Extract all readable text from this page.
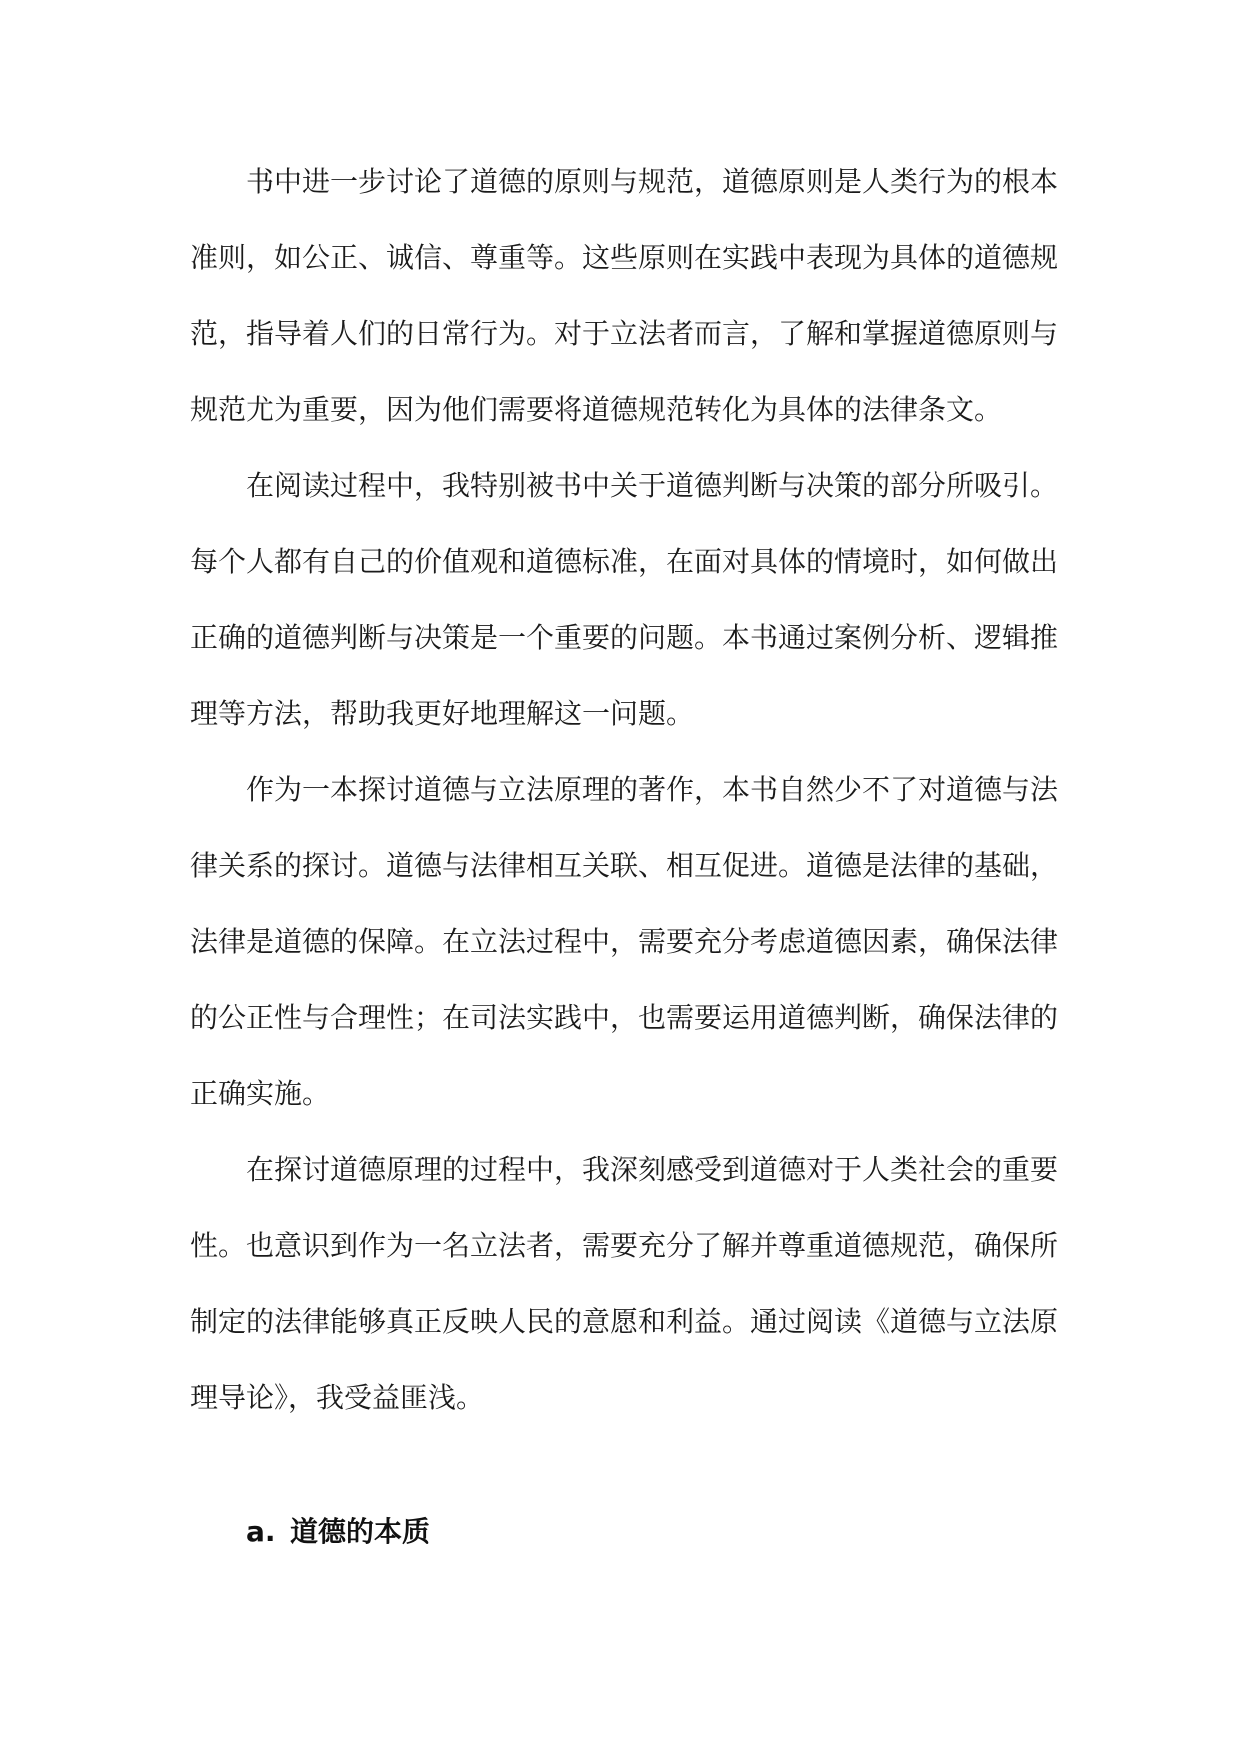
书中进一步讨论了道德的原则与规范，道德原则是人类行为的根本准则，如公正、诚信、尊重等。这些原则在实践中表现为具体的道德规范，指导着人们的日常行为。对于立法者而言，了解和掌握道德原则与规范尤为重要，因为他们需要将道德规范转化为具体的法律条文。

在阅读过程中，我特别被书中关于道德判断与决策的部分所吸引。每个人都有自己的价值观和道德标准，在面对具体的情境时，如何做出正确的道德判断与决策是一个重要的问题。本书通过案例分析、逻辑推理等方法，帮助我更好地理解这一问题。

作为一本探讨道德与立法原理的著作，本书自然少不了对道德与法律关系的探讨。道德与法律相互关联、相互促进。道德是法律的基础，法律是道德的保障。在立法过程中，需要充分考虑道德因素，确保法律的公正性与合理性；在司法实践中，也需要运用道德判断，确保法律的正确实施。

在探讨道德原理的过程中，我深刻感受到道德对于人类社会的重要性。也意识到作为一名立法者，需要充分了解并尊重道德规范，确保所制定的法律能够真正反映人民的意愿和利益。通过阅读《道德与立法原理导论》，我受益匪浅。

a. 道德的本质
